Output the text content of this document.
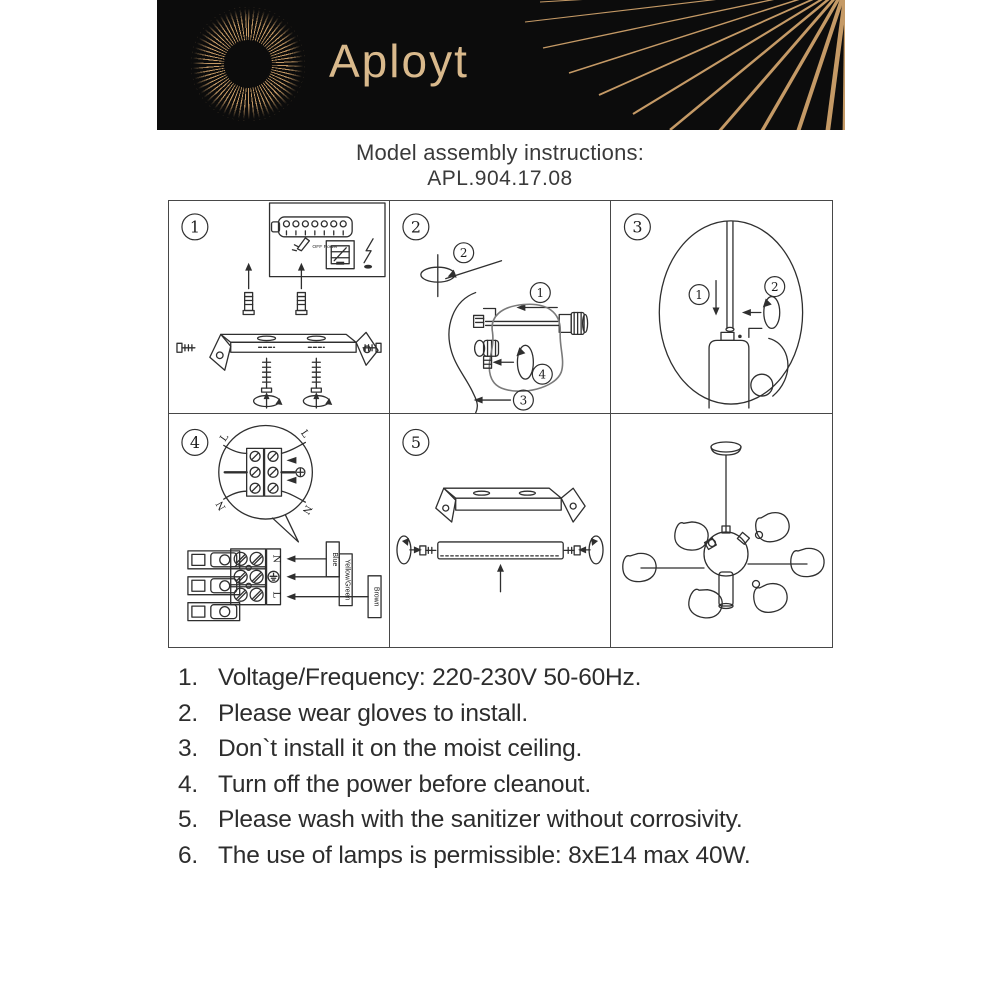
Aployt
Model assembly instructions:
APL.904.17.08
1
OFF Power
2
1
2
4
3
3
1
2
4 L	L
N	N
N
L
Blue Yellow/Green	Brown
5
1. Voltage/Frequency: 220-230V 50-60Hz.
2. Please wear gloves to install.
3. Don`t install it on the moist ceiling.
4. Turn off the power before cleanout.
5. Please wash with the sanitizer without corrosivity.
6. The use of lamps is permissible: 8xE14 max 40W.
